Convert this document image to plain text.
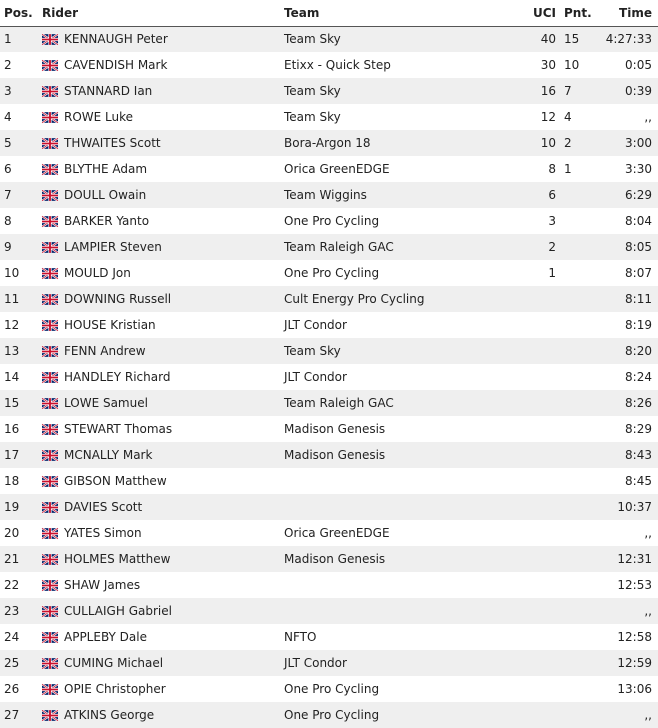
Pos.	Rider	Team	UCI	Pnt.	Time
1	KENNAUGH Peter	Team Sky	40	15	4:27:33
2	CAVENDISH Mark	Etixx - Quick Step	30	10	0:05
3	STANNARD Ian	Team Sky	16	7	0:39
4	ROWE Luke	Team Sky	12	4	,,
5	THWAITES Scott	Bora-Argon 18	10	2	3:00
6	BLYTHE Adam	Orica GreenEDGE	8	1	3:30
7	DOULL Owain	Team Wiggins	6		6:29
8	BARKER Yanto	One Pro Cycling	3		8:04
9	LAMPIER Steven	Team Raleigh GAC	2		8:05
10	MOULD Jon	One Pro Cycling	1		8:07
11	DOWNING Russell	Cult Energy Pro Cycling			8:11
12	HOUSE Kristian	JLT Condor			8:19
13	FENN Andrew	Team Sky			8:20
14	HANDLEY Richard	JLT Condor			8:24
15	LOWE Samuel	Team Raleigh GAC			8:26
16	STEWART Thomas	Madison Genesis			8:29
17	MCNALLY Mark	Madison Genesis			8:43
18	GIBSON Matthew				8:45
19	DAVIES Scott				10:37
20	YATES Simon	Orica GreenEDGE			,,
21	HOLMES Matthew	Madison Genesis			12:31
22	SHAW James				12:53
23	CULLAIGH Gabriel				,,
24	APPLEBY Dale	NFTO			12:58
25	CUMING Michael	JLT Condor			12:59
26	OPIE Christopher	One Pro Cycling			13:06
27	ATKINS George	One Pro Cycling			,,
